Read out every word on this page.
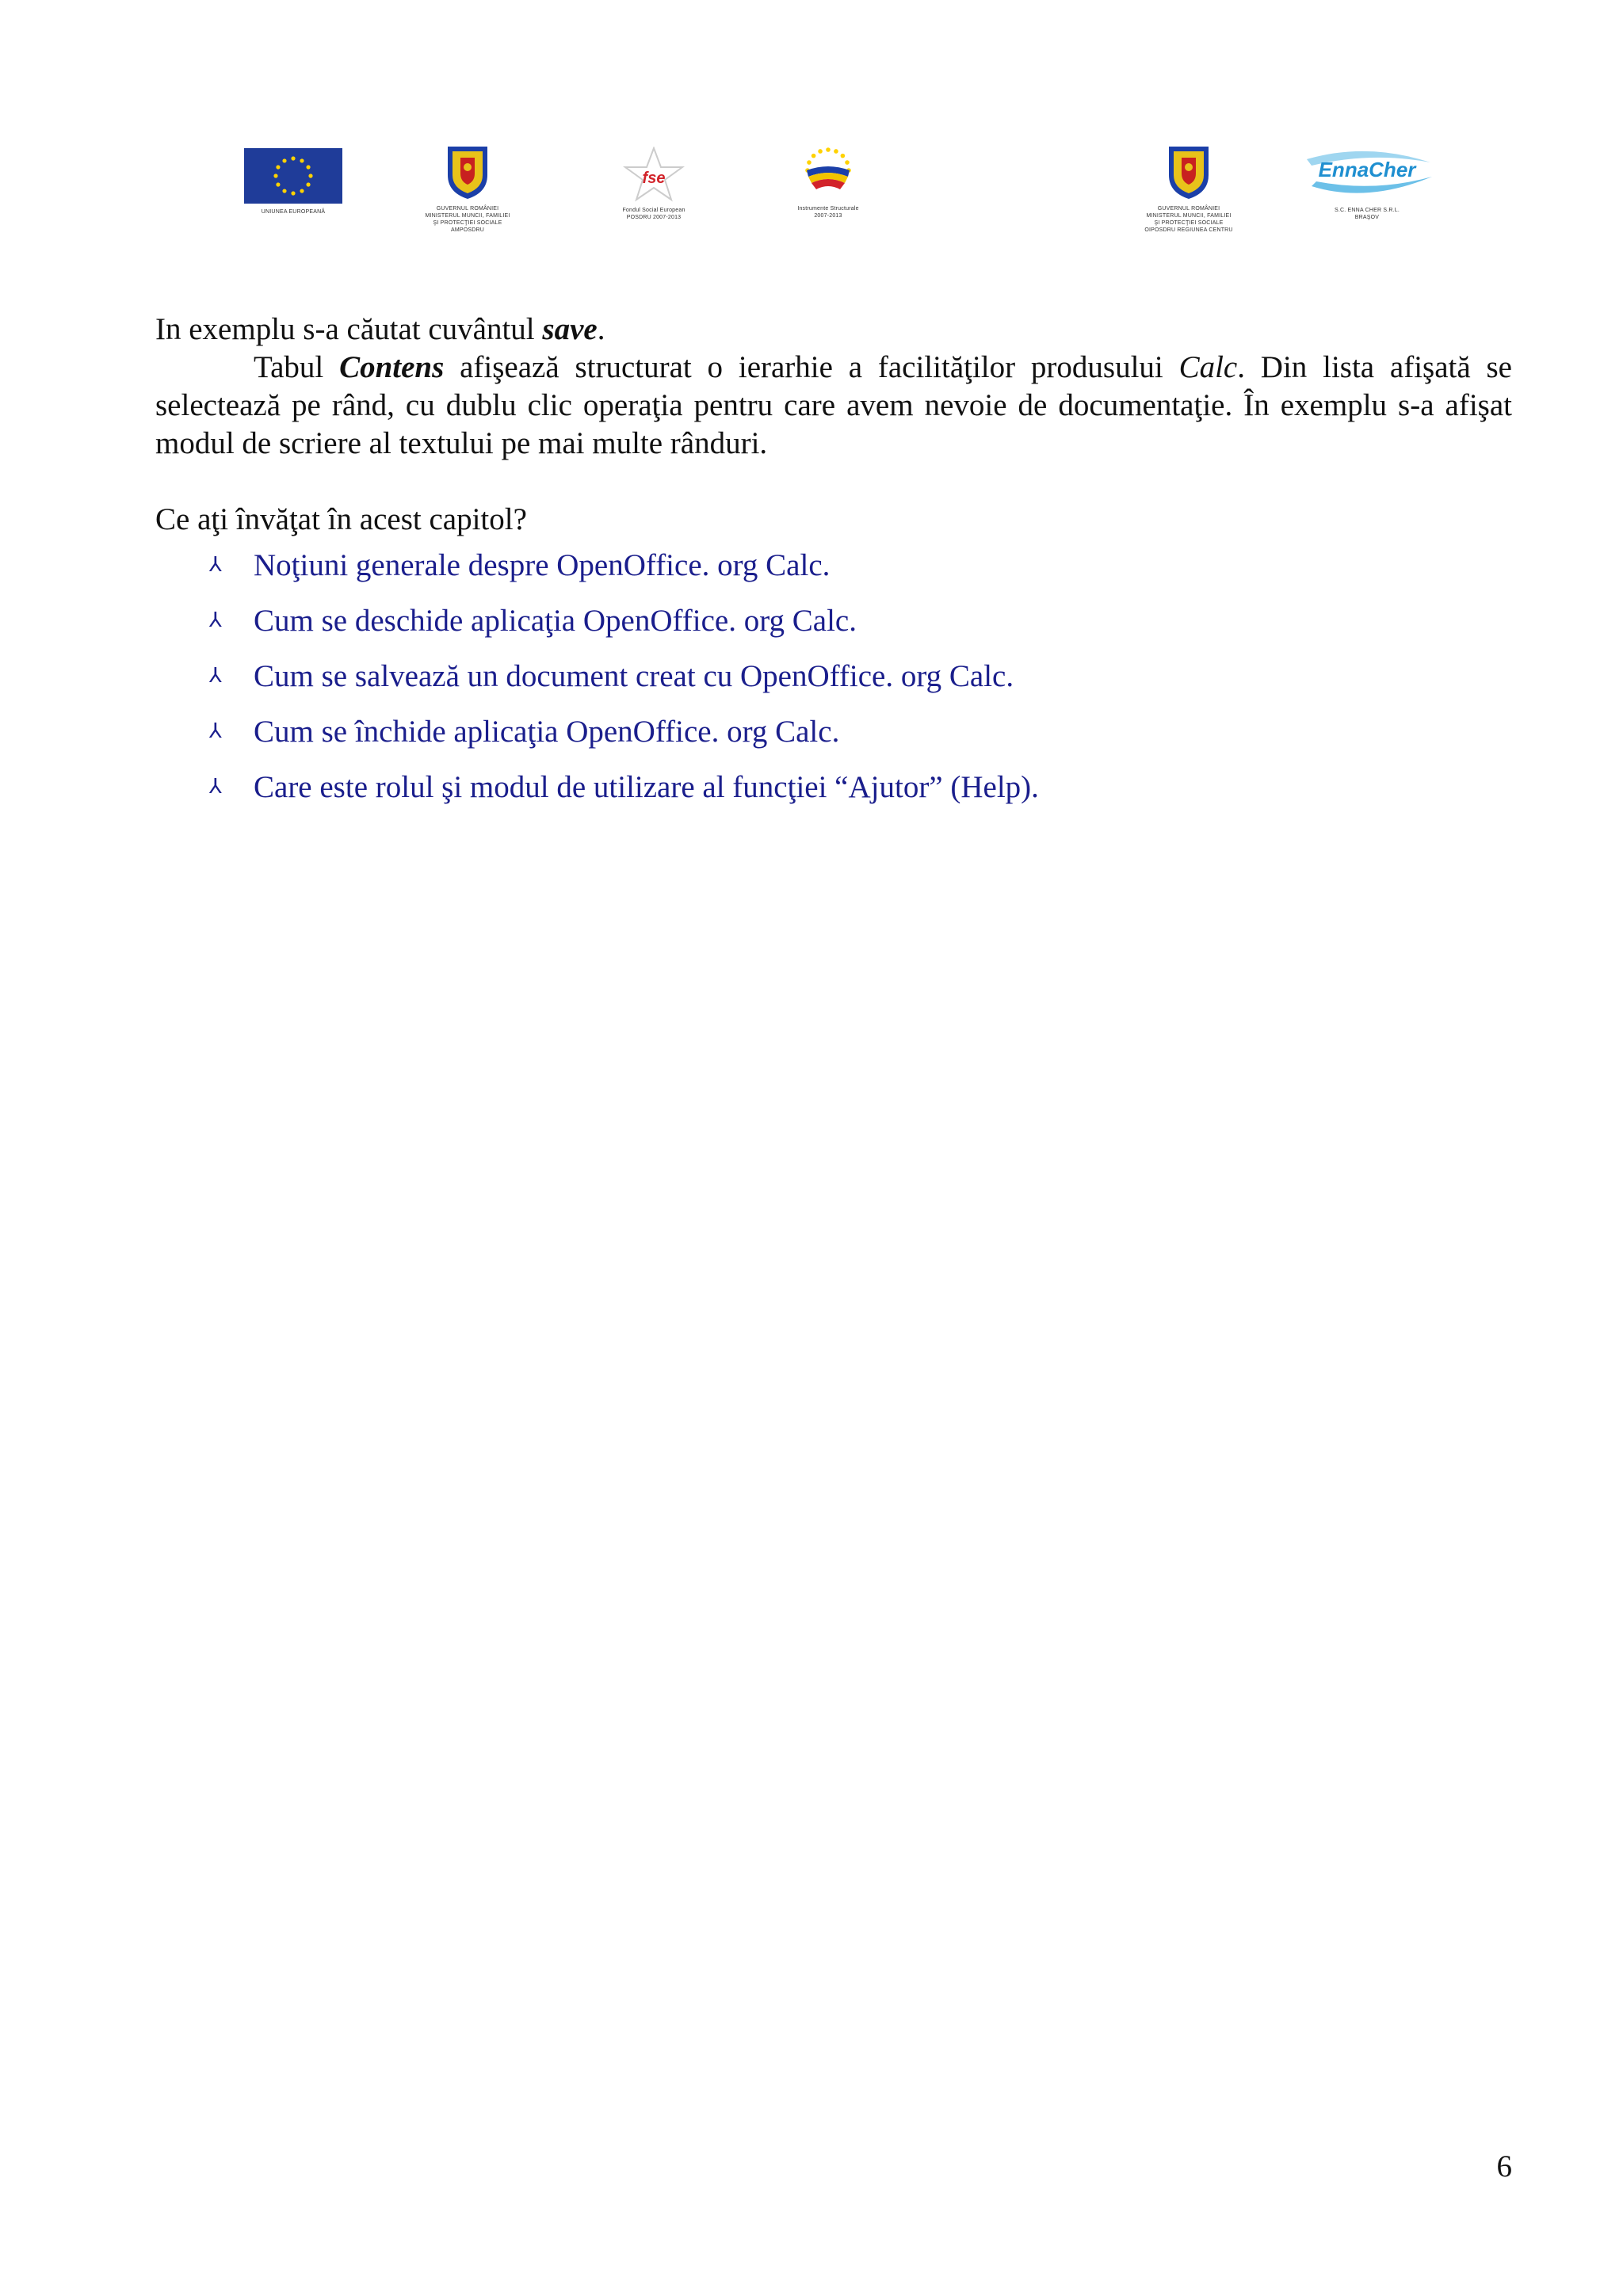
UNIUNEA EUROPEANĂ
GUVERNUL ROMÂNIEI
MINISTERUL MUNCII, FAMILIEI
ŞI PROTECŢIEI SOCIALE
AMPOSDRU
fse
Fondul Social European
POSDRU 2007-2013
Instrumente Structurale
2007-2013
GUVERNUL ROMÂNIEI
MINISTERUL MUNCII, FAMILIEI
ŞI PROTECŢIEI SOCIALE
OIPOSDRU REGIUNEA CENTRU
EnnaCher
S.C. ENNA CHER S.R.L.
BRAŞOV
In exemplu s-a căutat cuvântul save.
Tabul Contens afişează structurat o ierarhie a facilităţilor produsului Calc. Din lista afişată se selectează pe rând, cu dublu clic operaţia pentru care avem nevoie de documentaţie. În exemplu s-a afişat modul de scriere al textului pe mai multe rânduri.
Ce aţi învăţat în acest capitol?
⅄	Noţiuni generale despre OpenOffice. org Calc.
⅄	Cum se deschide aplicaţia OpenOffice. org Calc.
⅄	Cum se salvează un document creat cu OpenOffice. org Calc.
⅄	Cum se închide aplicaţia OpenOffice. org Calc.
⅄	Care este rolul şi modul de utilizare al funcţiei “Ajutor” (Help).
6
